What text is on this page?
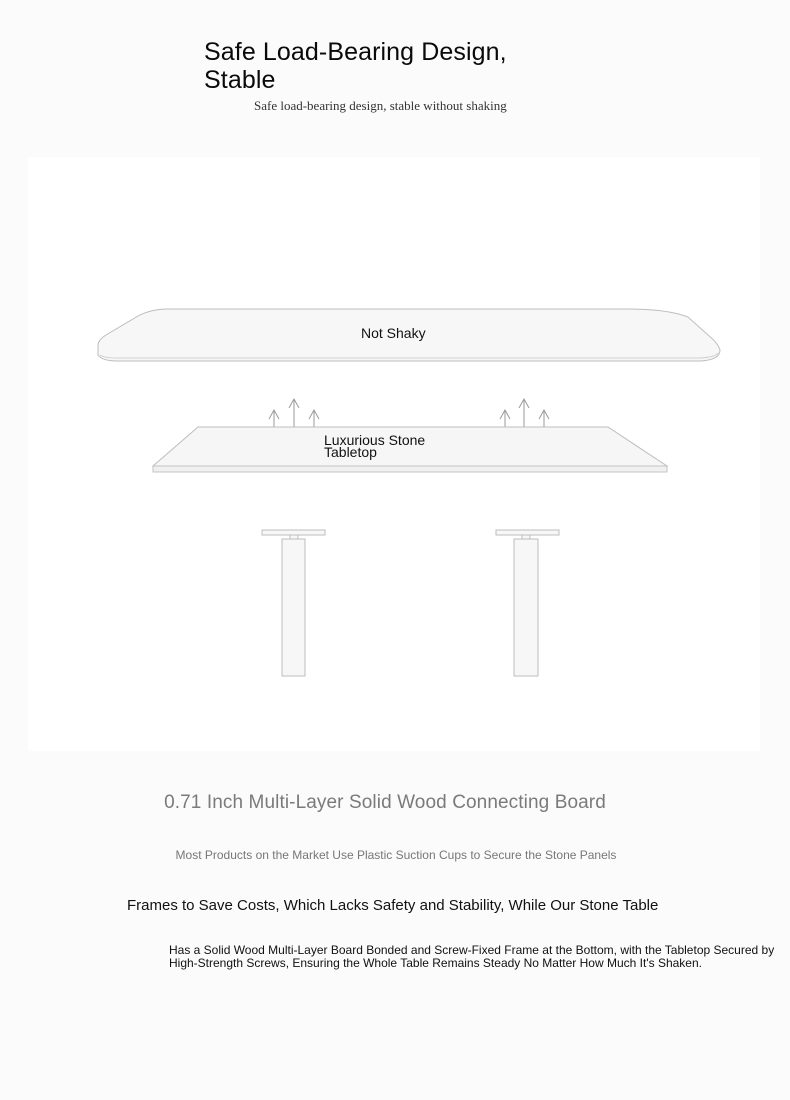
Safe Load-Bearing Design, Stable
Safe load-bearing design, stable without shaking
Not Shaky
Luxurious Stone Tabletop
0.71 Inch Multi-Layer Solid Wood Connecting Board
Most Products on the Market Use Plastic Suction Cups to Secure the Stone Panels
Frames to Save Costs, Which Lacks Safety and Stability, While Our Stone Table
Has a Solid Wood Multi-Layer Board Bonded and Screw-Fixed Frame at the Bottom, with the Tabletop Secured by High-Strength Screws, Ensuring the Whole Table Remains Steady No Matter How Much It's Shaken.
